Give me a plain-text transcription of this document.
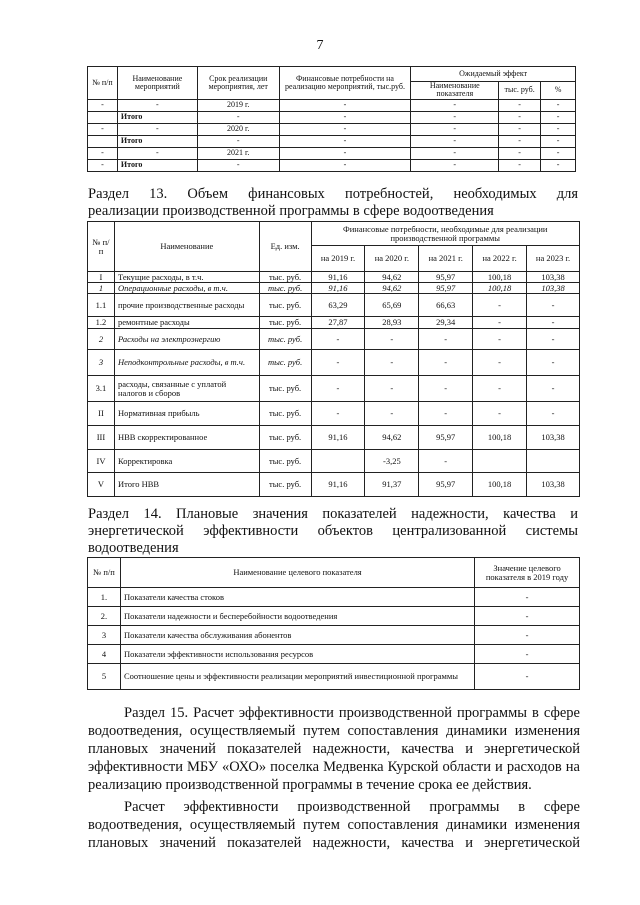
7
№ п/п	Наименование мероприятий	Срок реализации мероприятия, лет	Финансовые потребности на реализацию мероприятий, тыс.руб.	Ожидаемый эффект		
				Наименование показателя	тыс. руб.	%
-	-	2019 г.	-	-	-	-
	Итого	-	-	-	-	-
-	-	2020 г.	-	-	-	-
	Итого	-	-	-	-	-
-	-	2021 г.	-	-	-	-
-	Итого	-	-	-	-	-
Раздел 13. Объем финансовых потребностей, необходимых для
реализации производственной программы в сфере водоотведения
№ п/п	Наименование	Ед. изм.	Финансовые потребности, необходимые для реализации производственной программы				
			на 2019 г.	на 2020 г.	на 2021 г.	на 2022 г.	на 2023 г.
I	Текущие расходы, в т.ч.	тыс. руб.	91,16	94,62	95,97	100,18	103,38
1	Операционные расходы, в т.ч.	тыс. руб.	91,16	94,62	95,97	100,18	103,38
1.1	прочие производственные расходы	тыс. руб.	63,29	65,69	66,63	-	-
1.2	ремонтные расходы	тыс. руб.	27,87	28,93	29,34	-	-
2	Расходы на электроэнергию	тыс. руб.	-	-	-	-	-
3	Неподконтрольные расходы, в т.ч.	тыс. руб.	-	-	-	-	-
3.1	расходы, связанные с уплатой налогов и сборов	тыс. руб.	-	-	-	-	-
II	Нормативная прибыль	тыс. руб.	-	-	-	-	-
III	НВВ скорректированное	тыс. руб.	91,16	94,62	95,97	100,18	103,38
IV	Корректировка	тыс. руб.		-3,25	-		
V	Итого НВВ	тыс. руб.	91,16	91,37	95,97	100,18	103,38
Раздел 14. Плановые значения показателей надежности, качества и
энергетической эффективности объектов централизованной системы
водоотведения
№ п/п	Наименование целевого показателя	Значение целевого показателя в 2019 году
1.	Показатели качества стоков	-
2.	Показатели надежности и бесперебойности водоотведения	-
3	Показатели качества обслуживания абонентов	-
4	Показатели эффективности использования ресурсов	-
5	Соотношение цены и эффективности реализации мероприятий инвестиционной программы	-
Раздел 15. Расчет эффективности производственной программы в сфере
водоотведения, осуществляемый путем сопоставления динамики изменения
плановых значений показателей надежности, качества и энергетической
эффективности МБУ «ОХО» поселка Медвенка Курской области и расходов на
реализацию производственной программы в течение срока ее действия.
Расчет эффективности производственной программы в сфере
водоотведения, осуществляемый путем сопоставления динамики изменения
плановых значений показателей надежности, качества и энергетической
